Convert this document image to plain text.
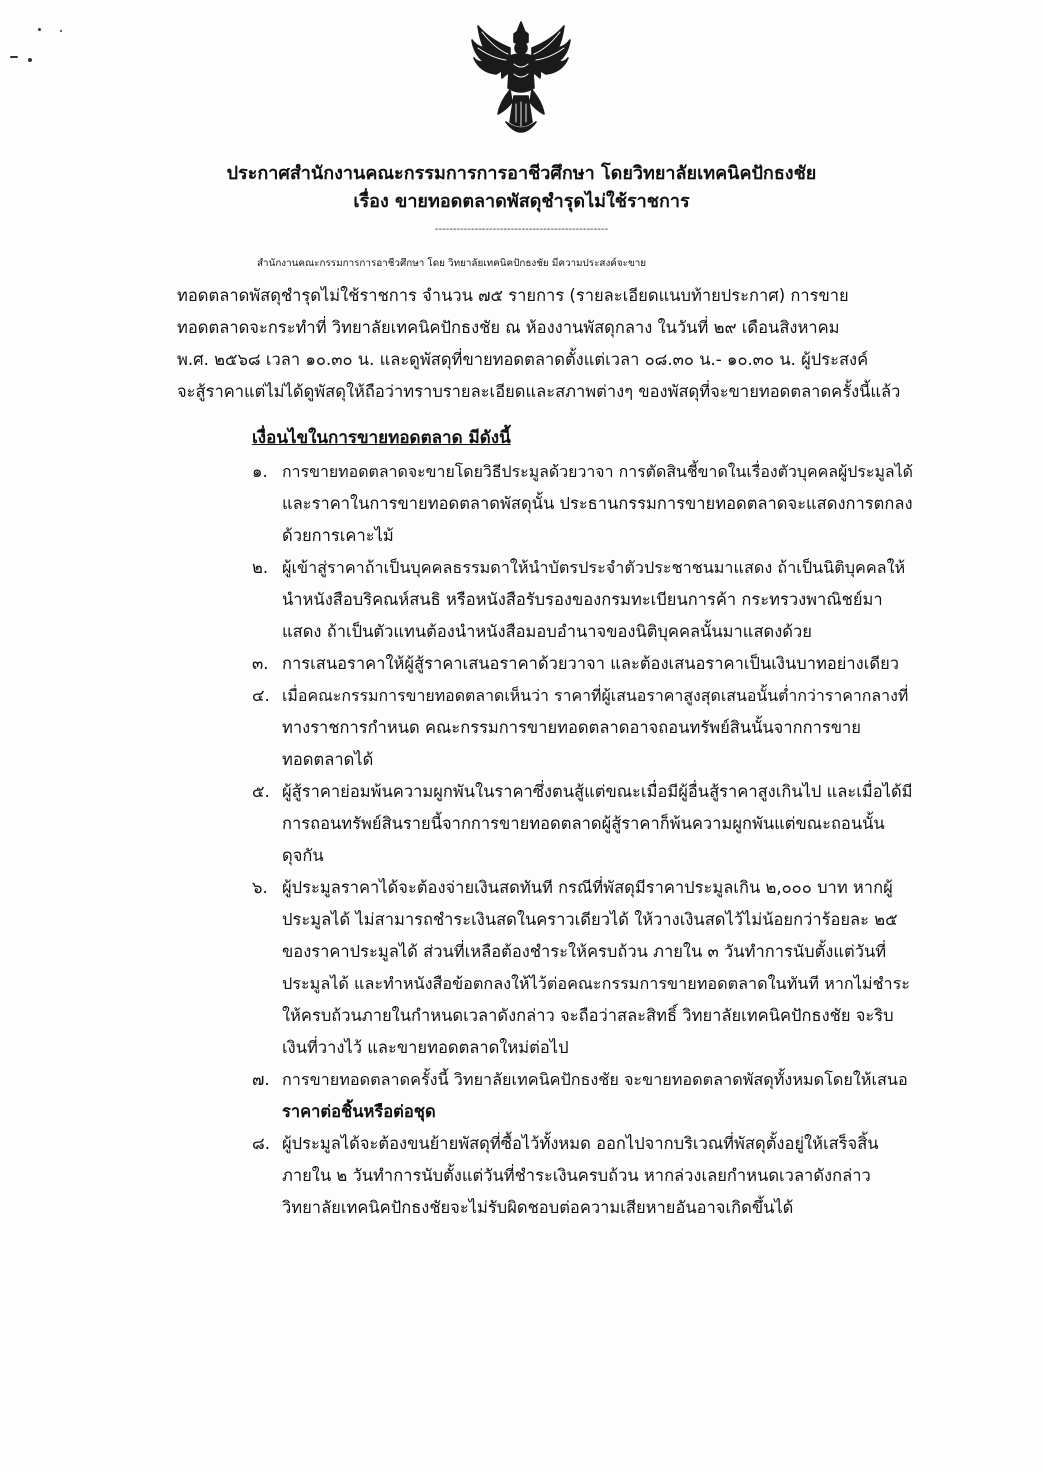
ประกาศสำนักงานคณะกรรมการการอาชีวศึกษา โดยวิทยาลัยเทคนิคปักธงชัย
เรื่อง ขายทอดตลาดพัสดุชำรุดไม่ใช้ราชการ
------------------------------------------------
สำนักงานคณะกรรมการการอาชีวศึกษา โดย วิทยาลัยเทคนิคปักธงชัย มีความประสงค์จะขาย
ทอดตลาดพัสดุชำรุดไม่ใช้ราชการ จำนวน ๗๕ รายการ (รายละเอียดแนบท้ายประกาศ) การขาย
ทอดตลาดจะกระทำที่ วิทยาลัยเทคนิคปักธงชัย ณ ห้องงานพัสดุกลาง ในวันที่ ๒๙ เดือนสิงหาคม
พ.ศ. ๒๕๖๘ เวลา ๑๐.๓๐ น. และดูพัสดุที่ขายทอดตลาดตั้งแต่เวลา ๐๘.๓๐ น.- ๑๐.๓๐ น. ผู้ประสงค์
จะสู้ราคาแต่ไม่ได้ดูพัสดุให้ถือว่าทราบรายละเอียดและสภาพต่างๆ ของพัสดุที่จะขายทอดตลาดครั้งนี้แล้ว
เงื่อนไขในการขายทอดตลาด มีดังนี้
๑. การขายทอดตลาดจะขายโดยวิธีประมูลด้วยวาจา การตัดสินชี้ขาดในเรื่องตัวบุคคลผู้ประมูลได้
และราคาในการขายทอดตลาดพัสดุนั้น ประธานกรรมการขายทอดตลาดจะแสดงการตกลง
ด้วยการเคาะไม้
๒. ผู้เข้าสู่ราคาถ้าเป็นบุคคลธรรมดาให้นำบัตรประจำตัวประชาชนมาแสดง ถ้าเป็นนิติบุคคลให้
นำหนังสือบริคณห์สนธิ หรือหนังสือรับรองของกรมทะเบียนการค้า กระทรวงพาณิชย์มา
แสดง ถ้าเป็นตัวแทนต้องนำหนังสือมอบอำนาจของนิติบุคคลนั้นมาแสดงด้วย
๓. การเสนอราคาให้ผู้สู้ราคาเสนอราคาด้วยวาจา และต้องเสนอราคาเป็นเงินบาทอย่างเดียว
๔. เมื่อคณะกรรมการขายทอดตลาดเห็นว่า ราคาที่ผู้เสนอราคาสูงสุดเสนอนั้นต่ำกว่าราคากลางที่
ทางราชการกำหนด คณะกรรมการขายทอดตลาดอาจถอนทรัพย์สินนั้นจากการขาย
ทอดตลาดได้
๕. ผู้สู้ราคาย่อมพ้นความผูกพันในราคาซึ่งตนสู้แต่ขณะเมื่อมีผู้อื่นสู้ราคาสูงเกินไป และเมื่อได้มี
การถอนทรัพย์สินรายนี้จากการขายทอดตลาดผู้สู้ราคาก็พ้นความผูกพันแต่ขณะถอนนั้น
ดุจกัน
๖. ผู้ประมูลราคาได้จะต้องจ่ายเงินสดทันที กรณีที่พัสดุมีราคาประมูลเกิน ๒,๐๐๐ บาท หากผู้
ประมูลได้ ไม่สามารถชำระเงินสดในคราวเดียวได้ ให้วางเงินสดไว้ไม่น้อยกว่าร้อยละ ๒๕
ของราคาประมูลได้ ส่วนที่เหลือต้องชำระให้ครบถ้วน ภายใน ๓ วันทำการนับตั้งแต่วันที่
ประมูลได้ และทำหนังสือข้อตกลงให้ไว้ต่อคณะกรรมการขายทอดตลาดในทันที หากไม่ชำระ
ให้ครบถ้วนภายในกำหนดเวลาดังกล่าว จะถือว่าสละสิทธิ์ วิทยาลัยเทคนิคปักธงชัย จะริบ
เงินที่วางไว้ และขายทอดตลาดใหม่ต่อไป
๗. การขายทอดตลาดครั้งนี้ วิทยาลัยเทคนิคปักธงชัย จะขายทอดตลาดพัสดุทั้งหมดโดยให้เสนอ
ราคาต่อชิ้นหรือต่อชุด
๘. ผู้ประมูลได้จะต้องขนย้ายพัสดุที่ซื้อไว้ทั้งหมด ออกไปจากบริเวณที่พัสดุตั้งอยู่ให้เสร็จสิ้น
ภายใน ๒ วันทำการนับตั้งแต่วันที่ชำระเงินครบถ้วน หากล่วงเลยกำหนดเวลาดังกล่าว
วิทยาลัยเทคนิคปักธงชัยจะไม่รับผิดชอบต่อความเสียหายอันอาจเกิดขึ้นได้
